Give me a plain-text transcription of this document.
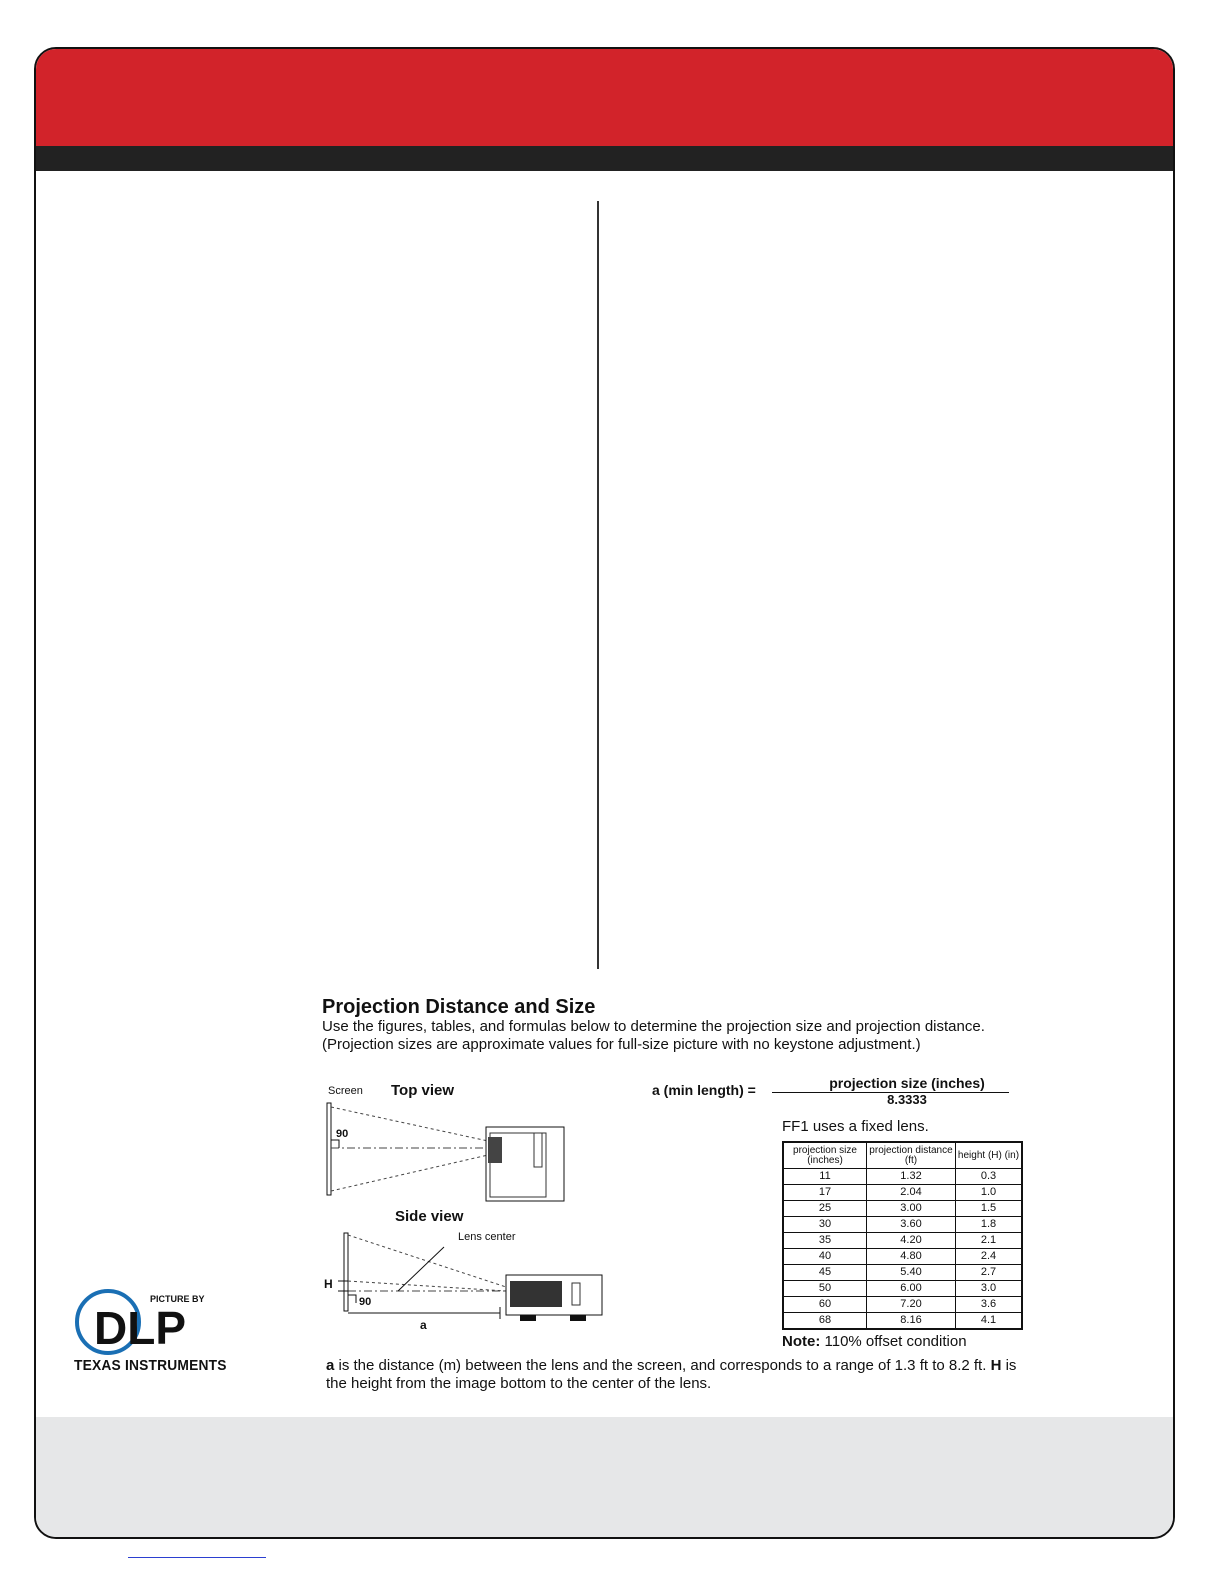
PICTURE BY
DLP
TEXAS INSTRUMENTS
Projection Distance and Size

Use the figures, tables, and formulas below to determine the projection size and projection distance. (Projection sizes are approximate values for full-size picture with no keystone adjustment.)

Screen Top view
90
Side view
Lens center
H
90
a
a (min length) =	projection size (inches)
8.3333
FF1 uses a fixed lens.
projection size (inches)	projection distance (ft)	height (H) (in)
11	1.32	0.3
17	2.04	1.0
25	3.00	1.5
30	3.60	1.8
35	4.20	2.1
40	4.80	2.4
45	5.40	2.7
50	6.00	3.0
60	7.20	3.6
68	8.16	4.1
Note: 110% offset condition

a is the distance (m) between the lens and the screen, and corresponds to a range of 1.3 ft to 8.2 ft. H is the height from the image bottom to the center of the lens.
